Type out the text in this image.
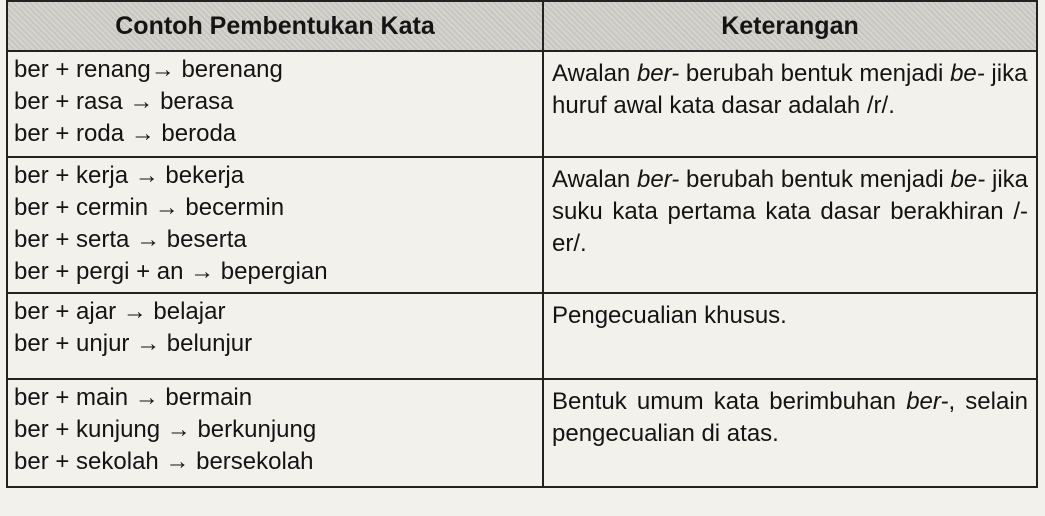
Contoh Pembentukan Kata	Keterangan

ber + renang→ berenang
ber + rasa → berasa
ber + roda → beroda	Awalan ber- berubah bentuk menjadi be- jika huruf awal kata dasar adalah /r/.

ber + kerja → bekerja
ber + cermin → becermin
ber + serta → beserta
ber + pergi + an → bepergian	Awalan ber- berubah bentuk menjadi be- jika suku kata pertama kata dasar berakhiran /-er/.

ber + ajar → belajar
ber + unjur → belunjur	Pengecualian khusus.

ber + main → bermain
ber + kunjung → berkunjung
ber + sekolah → bersekolah	Bentuk umum kata berimbuhan ber-, selain pengecualian di atas.
